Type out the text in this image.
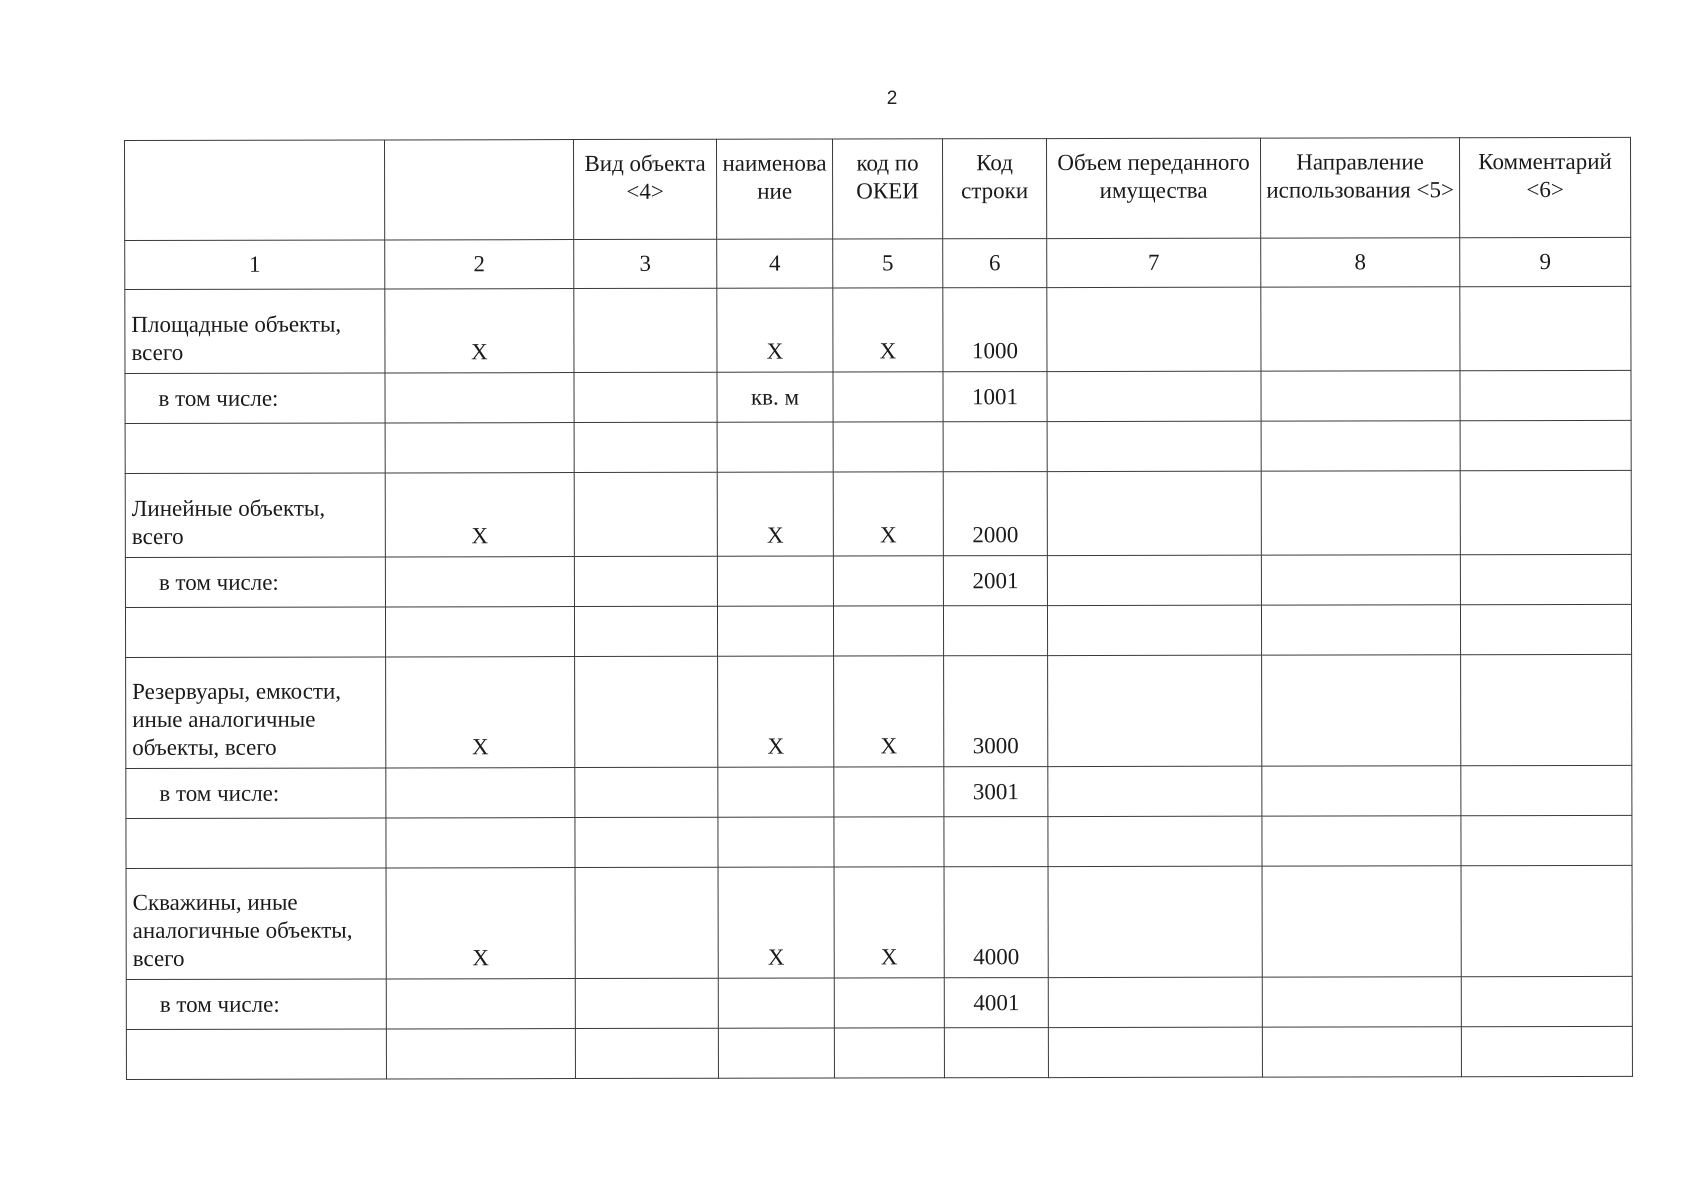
2
		Вид объекта <4>	наименование	код по ОКЕИ	Код строки	Объем переданного имущества	Направление использования <5>	Комментарий <6>
1	2	3	4	5	6	7	8	9
Площадные объекты, всего	X		X	X	1000			
в том числе:			кв. м		1001			

Линейные объекты, всего	X		X	X	2000			
в том числе:					2001			

Резервуары, емкости, иные аналогичные объекты, всего	X		X	X	3000			
в том числе:					3001			

Скважины, иные аналогичные объекты, всего	X		X	X	4000			
в том числе:					4001			
